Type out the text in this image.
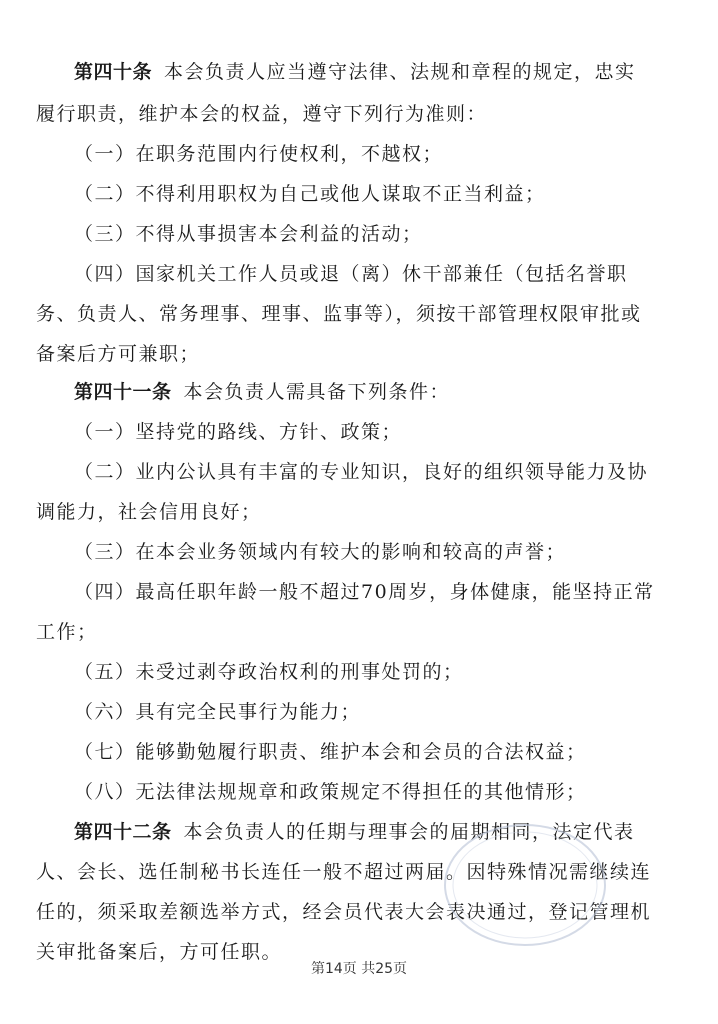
第四十条 本会负责人应当遵守法律、法规和章程的规定，忠实
履行职责，维护本会的权益，遵守下列行为准则：
（一）在职务范围内行使权利，不越权；
（二）不得利用职权为自己或他人谋取不正当利益；
（三）不得从事损害本会利益的活动；
（四）国家机关工作人员或退（离）休干部兼任（包括名誉职
务、负责人、常务理事、理事、监事等），须按干部管理权限审批或
备案后方可兼职；
第四十一条 本会负责人需具备下列条件：
（一）坚持党的路线、方针、政策；
（二）业内公认具有丰富的专业知识，良好的组织领导能力及协
调能力，社会信用良好；
（三）在本会业务领域内有较大的影响和较高的声誉；
（四）最高任职年龄一般不超过70周岁，身体健康，能坚持正常
工作；
（五）未受过剥夺政治权利的刑事处罚的；
（六）具有完全民事行为能力；
（七）能够勤勉履行职责、维护本会和会员的合法权益；
（八）无法律法规规章和政策规定不得担任的其他情形；
第四十二条 本会负责人的任期与理事会的届期相同，法定代表
人、会长、选任制秘书长连任一般不超过两届。因特殊情况需继续连
任的，须采取差额选举方式，经会员代表大会表决通过，登记管理机
关审批备案后，方可任职。
第14页 共25页
